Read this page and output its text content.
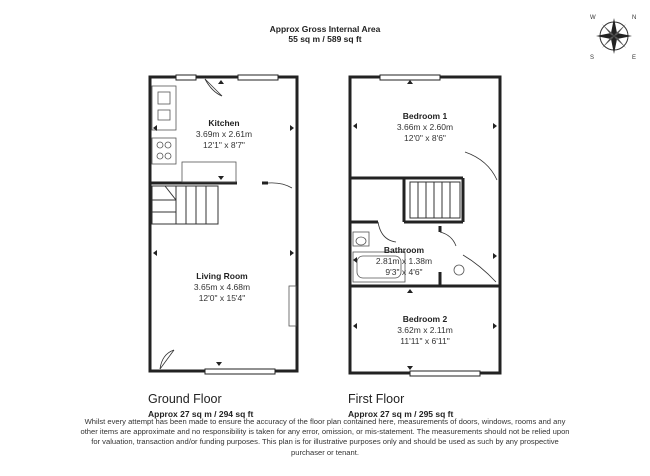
Approx Gross Internal Area
55 sq m / 589 sq ft
N
E
S
W
Kitchen
3.69m x 2.61m
12'1" x 8'7"
Living Room
3.65m x 4.68m
12'0" x 15'4"
Bedroom 1
3.66m x 2.60m
12'0" x 8'6"
Bathroom
2.81m x 1.38m
9'3" x 4'6"
Bedroom 2
3.62m x 2.11m
11'11" x 6'11"
Ground Floor
Approx 27 sq m / 294 sq ft
First Floor
Approx 27 sq m / 295 sq ft
Whilst every attempt has been made to ensure the accuracy of the floor plan contained here, measurements of doors, windows, rooms and any other items are approximate and no responsibility is taken for any error, omission, or mis-statement. The measurements should not be relied upon for valuation, transaction and/or funding purposes. This plan is for illustrative purposes only and should be used as such by any prospective purchaser or tenant.
